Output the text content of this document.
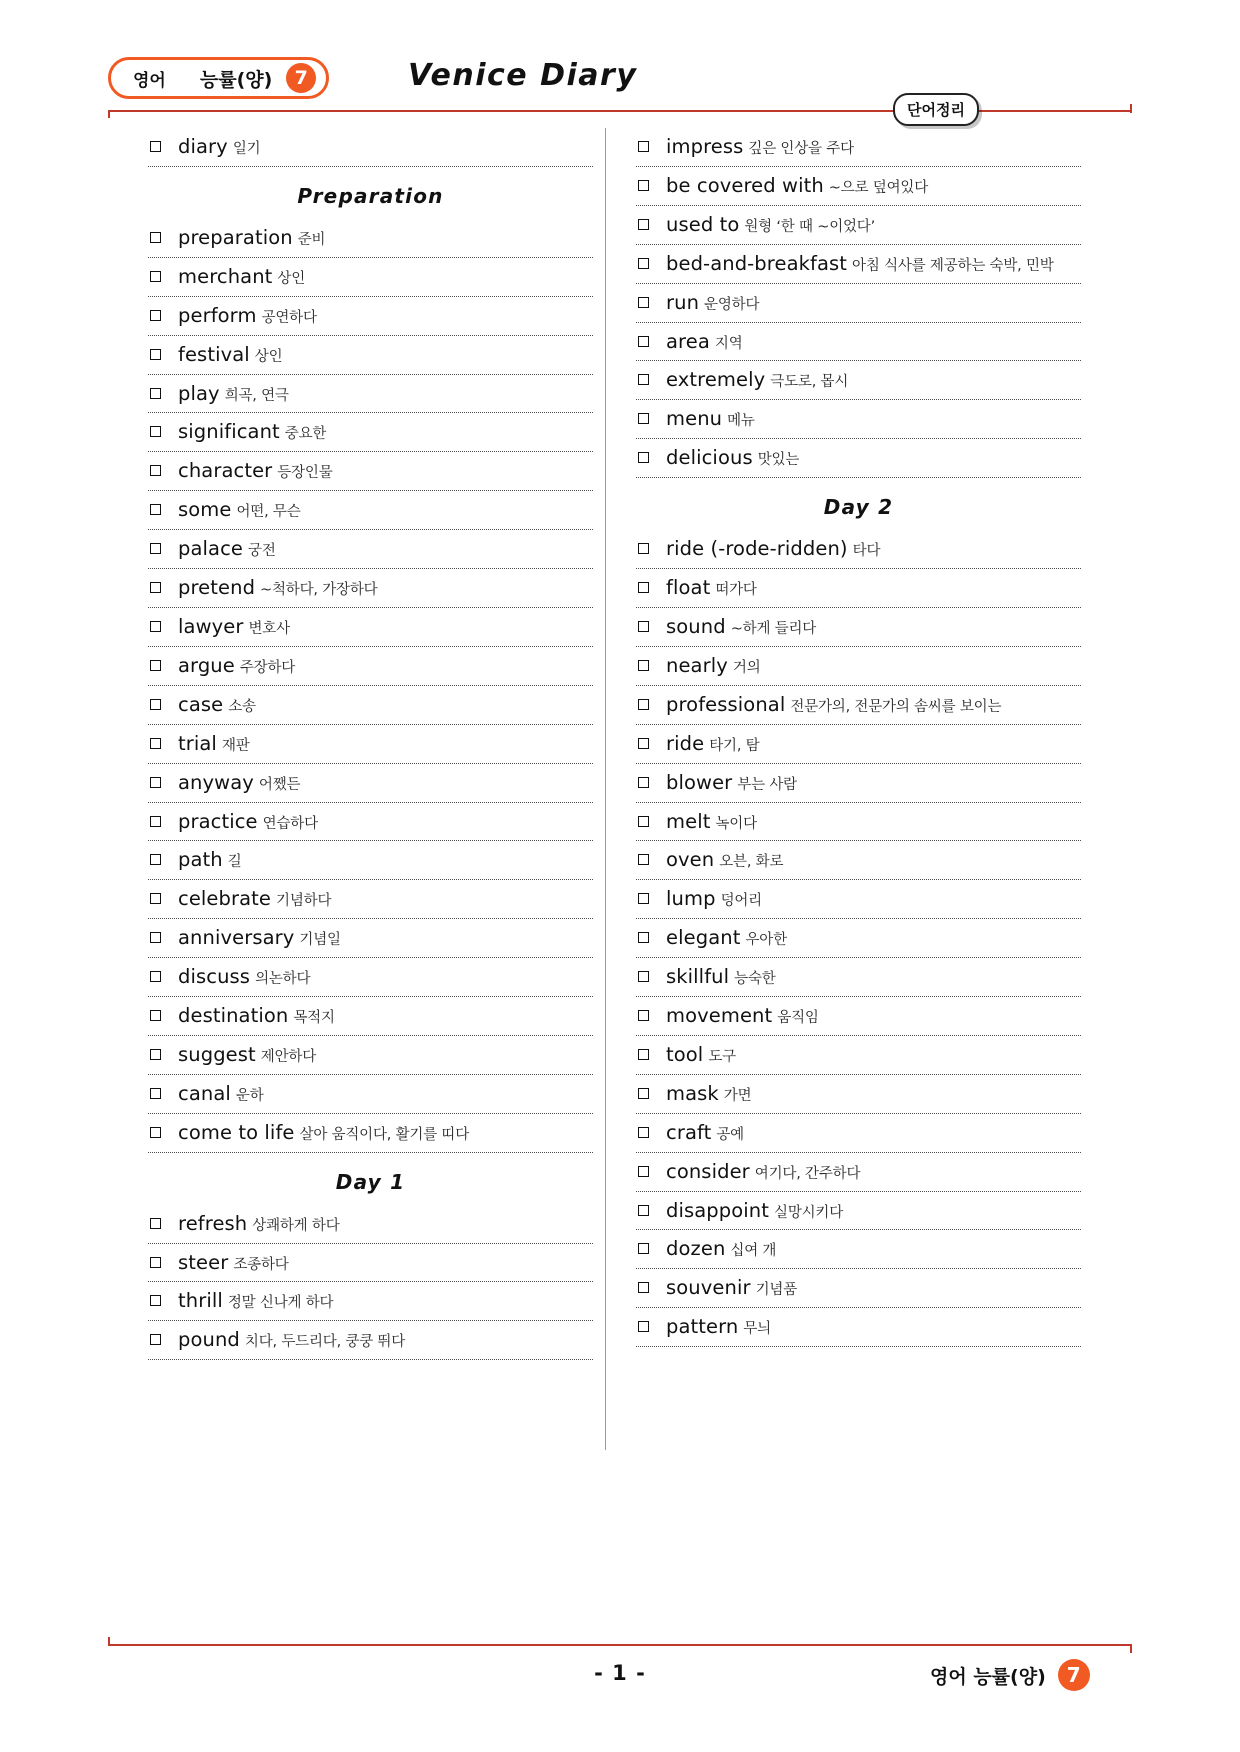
영어 능률(양)	7	Venice Diary
단어정리
diary 일기
Preparation
preparation 준비
merchant 상인
perform 공연하다
festival 상인
play 희곡, 연극
significant 중요한
character 등장인물
some 어떤, 무슨
palace 궁전
pretend ~척하다, 가장하다
lawyer 변호사
argue 주장하다
case 소송
trial 재판
anyway 어쨌든
practice 연습하다
path 길
celebrate 기념하다
anniversary 기념일
discuss 의논하다
destination 목적지
suggest 제안하다
canal 운하
come to life 살아 움직이다, 활기를 띠다
Day 1
refresh 상쾌하게 하다
steer 조종하다
thrill 정말 신나게 하다
pound 치다, 두드리다, 쿵쿵 뛰다
impress 깊은 인상을 주다
be covered with ~으로 덮여있다
used to 원형 ‘한 때 ~이었다’
bed-and-breakfast 아침 식사를 제공하는 숙박, 민박
run 운영하다
area 지역
extremely 극도로, 몹시
menu 메뉴
delicious 맛있는
Day 2
ride (-rode-ridden) 타다
float 떠가다
sound ~하게 들리다
nearly 거의
professional 전문가의, 전문가의 솜씨를 보이는
ride 타기, 탐
blower 부는 사람
melt 녹이다
oven 오븐, 화로
lump 덩어리
elegant 우아한
skillful 능숙한
movement 움직임
tool 도구
mask 가면
craft 공예
consider 여기다, 간주하다
disappoint 실망시키다
dozen 십여 개
souvenir 기념품
pattern 무늬
- 1 -	영어 능률(양)	7
